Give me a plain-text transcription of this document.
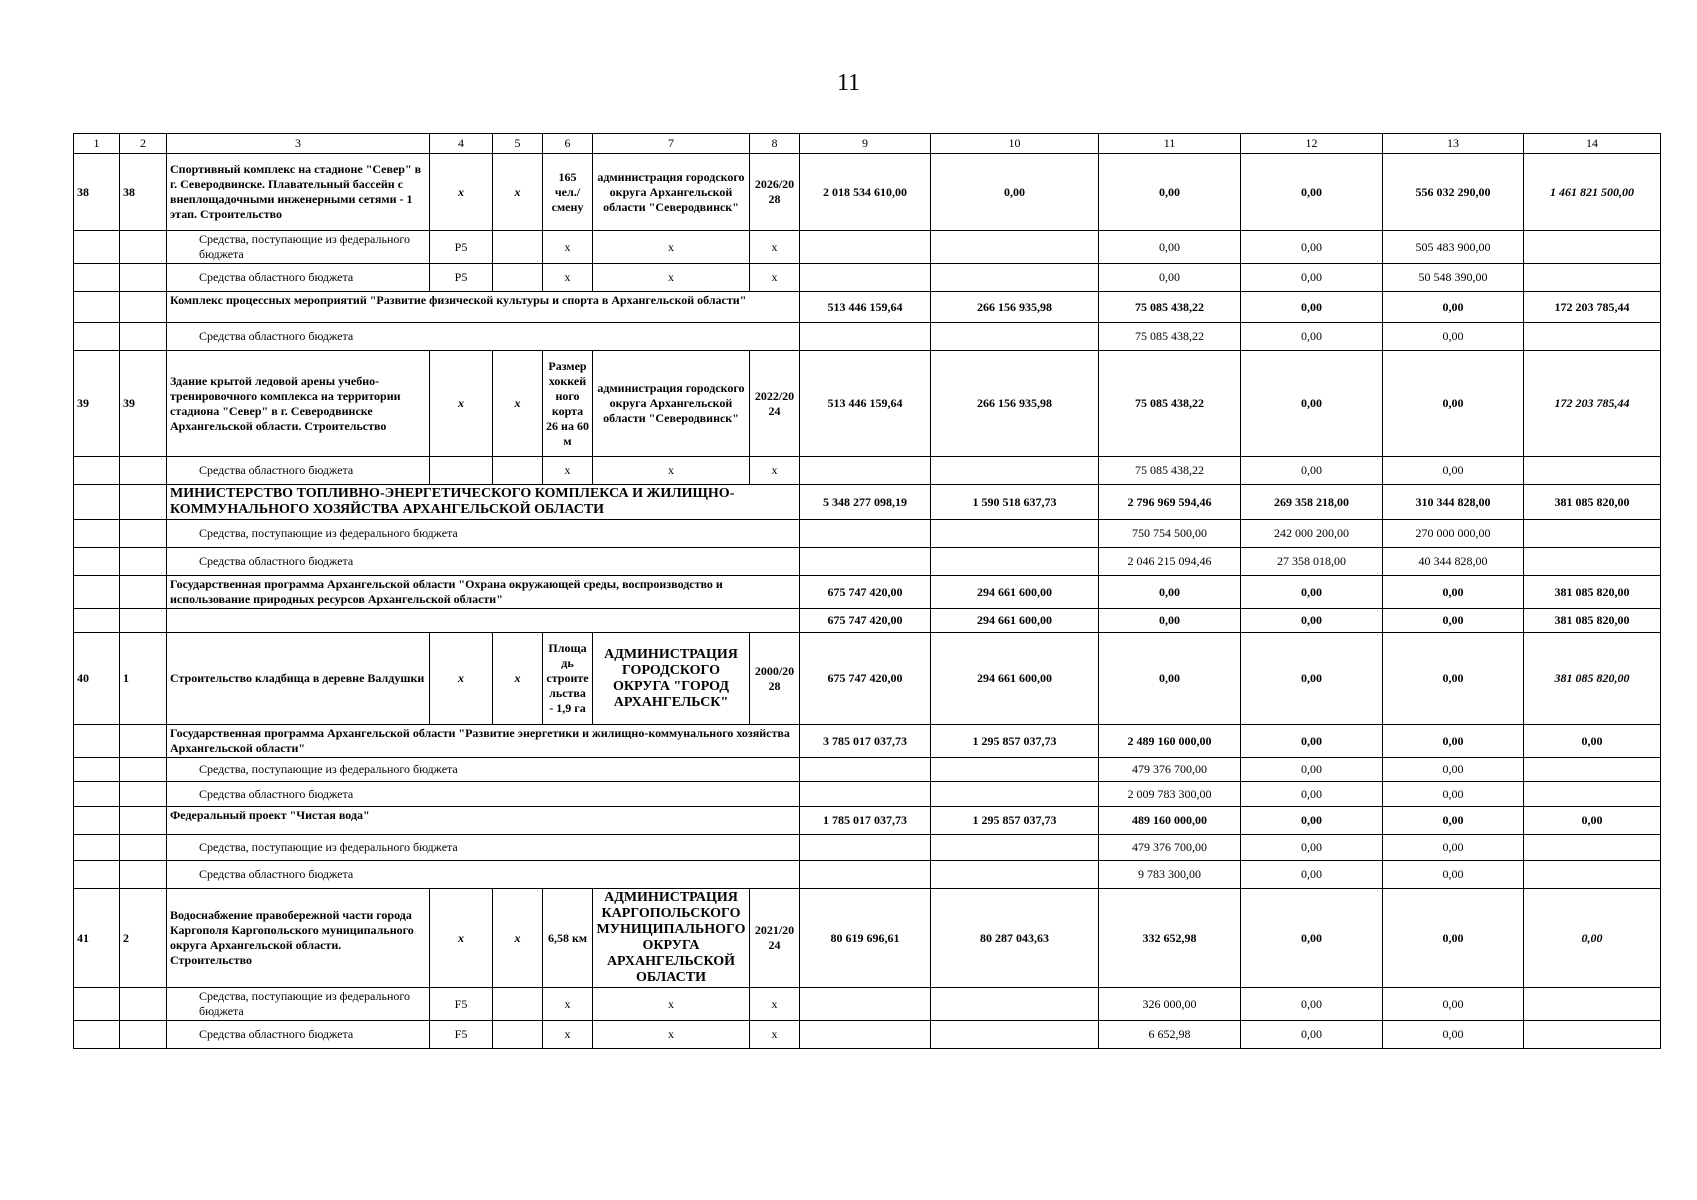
11
1	2	3	4	5	6	7	8	9	10	11	12	13	14
38	38	Спортивный комплекс на стадионе "Север" в г. Северодвинске. Плавательный бассейн с внеплощадочными инженерными сетями - 1 этап. Строительство	х	х	165 чел./смену	администрация городского округа Архангельской области "Северодвинск"	2026/2028	2 018 534 610,00	0,00	0,00	0,00	556 032 290,00	1 461 821 500,00
		Средства, поступающие из федерального бюджета	P5		х	х	х			0,00	0,00	505 483 900,00	
		Средства областного бюджета	P5		х	х	х			0,00	0,00	50 548 390,00	
		Комплекс процессных мероприятий "Развитие физической культуры и спорта в Архангельской области"						513 446 159,64	266 156 935,98	75 085 438,22	0,00	0,00	172 203 785,44
		Средства областного бюджета								75 085 438,22	0,00	0,00	
39	39	Здание крытой ледовой арены учебно-тренировочного комплекса на территории стадиона "Север" в г. Северодвинске Архангельской области. Строительство	х	х	Размер хоккейного корта 26 на 60 м	администрация городского округа Архангельской области "Северодвинск"	2022/2024	513 446 159,64	266 156 935,98	75 085 438,22	0,00	0,00	172 203 785,44
		Средства областного бюджета			х	х	х			75 085 438,22	0,00	0,00	
		МИНИСТЕРСТВО ТОПЛИВНО-ЭНЕРГЕТИЧЕСКОГО КОМПЛЕКСА И ЖИЛИЩНО-КОММУНАЛЬНОГО ХОЗЯЙСТВА АРХАНГЕЛЬСКОЙ ОБЛАСТИ						5 348 277 098,19	1 590 518 637,73	2 796 969 594,46	269 358 218,00	310 344 828,00	381 085 820,00
		Средства, поступающие из федерального бюджета								750 754 500,00	242 000 200,00	270 000 000,00	
		Средства областного бюджета								2 046 215 094,46	27 358 018,00	40 344 828,00	
		Государственная программа Архангельской области "Охрана окружающей среды, воспроизводство и использование природных ресурсов Архангельской области"						675 747 420,00	294 661 600,00	0,00	0,00	0,00	381 085 820,00
								675 747 420,00	294 661 600,00	0,00	0,00	0,00	381 085 820,00
40	1	Строительство кладбища в деревне Валдушки	х	х	Площадь строительства - 1,9 га	АДМИНИСТРАЦИЯ ГОРОДСКОГО ОКРУГА "ГОРОД АРХАНГЕЛЬСК"	2000/2028	675 747 420,00	294 661 600,00	0,00	0,00	0,00	381 085 820,00
		Государственная программа Архангельской области "Развитие энергетики и жилищно-коммунального хозяйства Архангельской области"						3 785 017 037,73	1 295 857 037,73	2 489 160 000,00	0,00	0,00	0,00
		Средства, поступающие из федерального бюджета								479 376 700,00	0,00	0,00	
		Средства областного бюджета								2 009 783 300,00	0,00	0,00	
		Федеральный проект "Чистая вода"						1 785 017 037,73	1 295 857 037,73	489 160 000,00	0,00	0,00	0,00
		Средства, поступающие из федерального бюджета								479 376 700,00	0,00	0,00	
		Средства областного бюджета								9 783 300,00	0,00	0,00	
41	2	Водоснабжение правобережной части города Каргополя Каргопольского муниципального округа Архангельской области. Строительство	х	х	6,58 км	АДМИНИСТРАЦИЯ КАРГОПОЛЬСКОГО МУНИЦИПАЛЬНОГО ОКРУГА АРХАНГЕЛЬСКОЙ ОБЛАСТИ	2021/2024	80 619 696,61	80 287 043,63	332 652,98	0,00	0,00	0,00
		Средства, поступающие из федерального бюджета	F5		х	х	х			326 000,00	0,00	0,00	
		Средства областного бюджета	F5		х	х	х			6 652,98	0,00	0,00	
